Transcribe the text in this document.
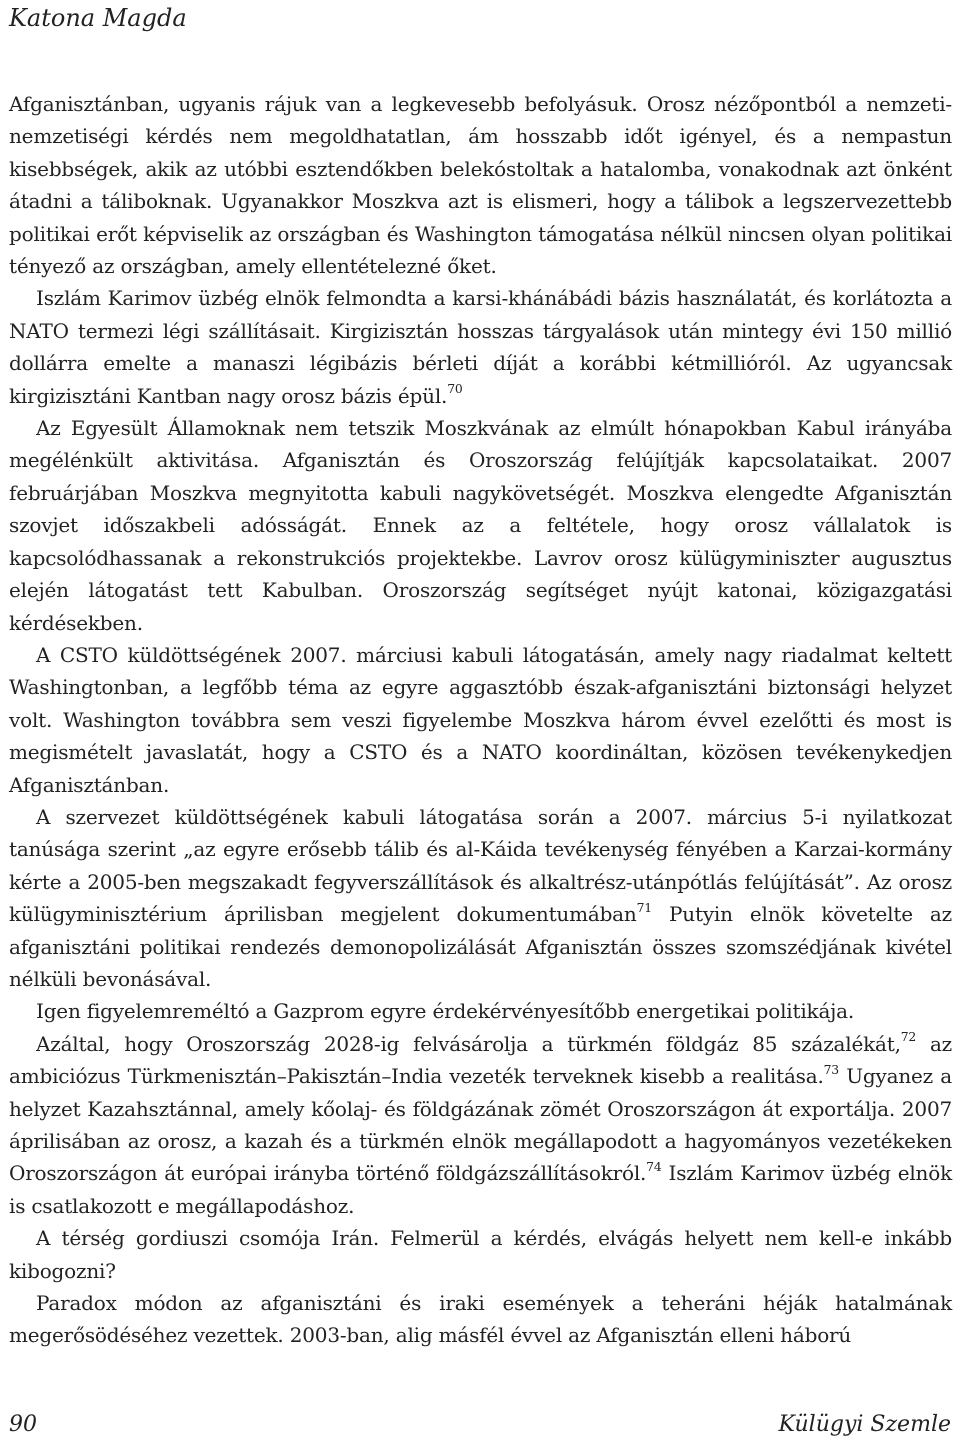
Katona Magda

Afganisztánban, ugyanis rájuk van a legkevesebb befolyásuk. Orosz nézőpontból a nemzeti-nemzetiségi kérdés nem megoldhatatlan, ám hosszabb időt igényel, és a nempastun kisebbségek, akik az utóbbi esztendőkben belekóstoltak a hatalomba, vonakodnak azt önként átadni a táliboknak. Ugyanakkor Moszkva azt is elismeri, hogy a tálibok a legszervezettebb politikai erőt képviselik az országban és Washington támogatása nélkül nincsen olyan politikai tényező az országban, amely ellentételezné őket.

Iszlám Karimov üzbég elnök felmondta a karsi-khánábádi bázis használatát, és korlátozta a NATO termezi légi szállításait. Kirgizisztán hosszas tárgyalások után mintegy évi 150 millió dollárra emelte a manaszi légibázis bérleti díját a korábbi kétmillióról. Az ugyancsak kirgizisztáni Kantban nagy orosz bázis épül.$^{70}$

Az Egyesült Államoknak nem tetszik Moszkvának az elmúlt hónapokban Kabul irányába megélénkült aktivitása. Afganisztán és Oroszország felújítják kapcsolataikat. 2007 februárjában Moszkva megnyitotta kabuli nagykövetségét. Moszkva elengedte Afganisztán szovjet időszakbeli adósságát. Ennek az a feltétele, hogy orosz vállalatok is kapcsolódhassanak a rekonstrukciós projektekbe. Lavrov orosz külügyminiszter augusztus elején látogatást tett Kabulban. Oroszország segítséget nyújt katonai, közigazgatási kérdésekben.

A CSTO küldöttségének 2007. márciusi kabuli látogatásán, amely nagy riadalmat keltett Washingtonban, a legfőbb téma az egyre aggasztóbb észak-afganisztáni biztonsági helyzet volt. Washington továbbra sem veszi figyelembe Moszkva három évvel ezelőtti és most is megismételt javaslatát, hogy a CSTO és a NATO koordináltan, közösen tevékenykedjen Afganisztánban.

A szervezet küldöttségének kabuli látogatása során a 2007. március 5-i nyilatkozat tanúsága szerint „az egyre erősebb tálib és al-Káida tevékenység fényében a Karzai-kormány kérte a 2005-ben megszakadt fegyverszállítások és alkaltrész-utánpótlás felújítását”. Az orosz külügyminisztérium áprilisban megjelent dokumentumában$^{71}$ Putyin elnök követelte az afganisztáni politikai rendezés demonopolizálását Afganisztán összes szomszédjának kivétel nélküli bevonásával.

Igen figyelemreméltó a Gazprom egyre érdekérvényesítőbb energetikai politikája.

Azáltal, hogy Oroszország 2028-ig felvásárolja a türkmén földgáz 85 százalékát,$^{72}$ az ambiciózus Türkmenisztán–Pakisztán–India vezeték terveknek kisebb a realitása.$^{73}$ Ugyanez a helyzet Kazahsztánnal, amely kőolaj- és földgázának zömét Oroszországon át exportálja. 2007 áprilisában az orosz, a kazah és a türkmén elnök megállapodott a hagyományos vezetékeken Oroszországon át európai irányba történő földgázszállításokról.$^{74}$ Iszlám Karimov üzbég elnök is csatlakozott e megállapodáshoz.

A térség gordiuszi csomója Irán. Felmerül a kérdés, elvágás helyett nem kell-e inkább kibogozni?

Paradox módon az afganisztáni és iraki események a teheráni héják hatalmának megerősödéséhez vezettek. 2003-ban, alig másfél évvel az Afganisztán elleni háború

90	Külügyi Szemle
